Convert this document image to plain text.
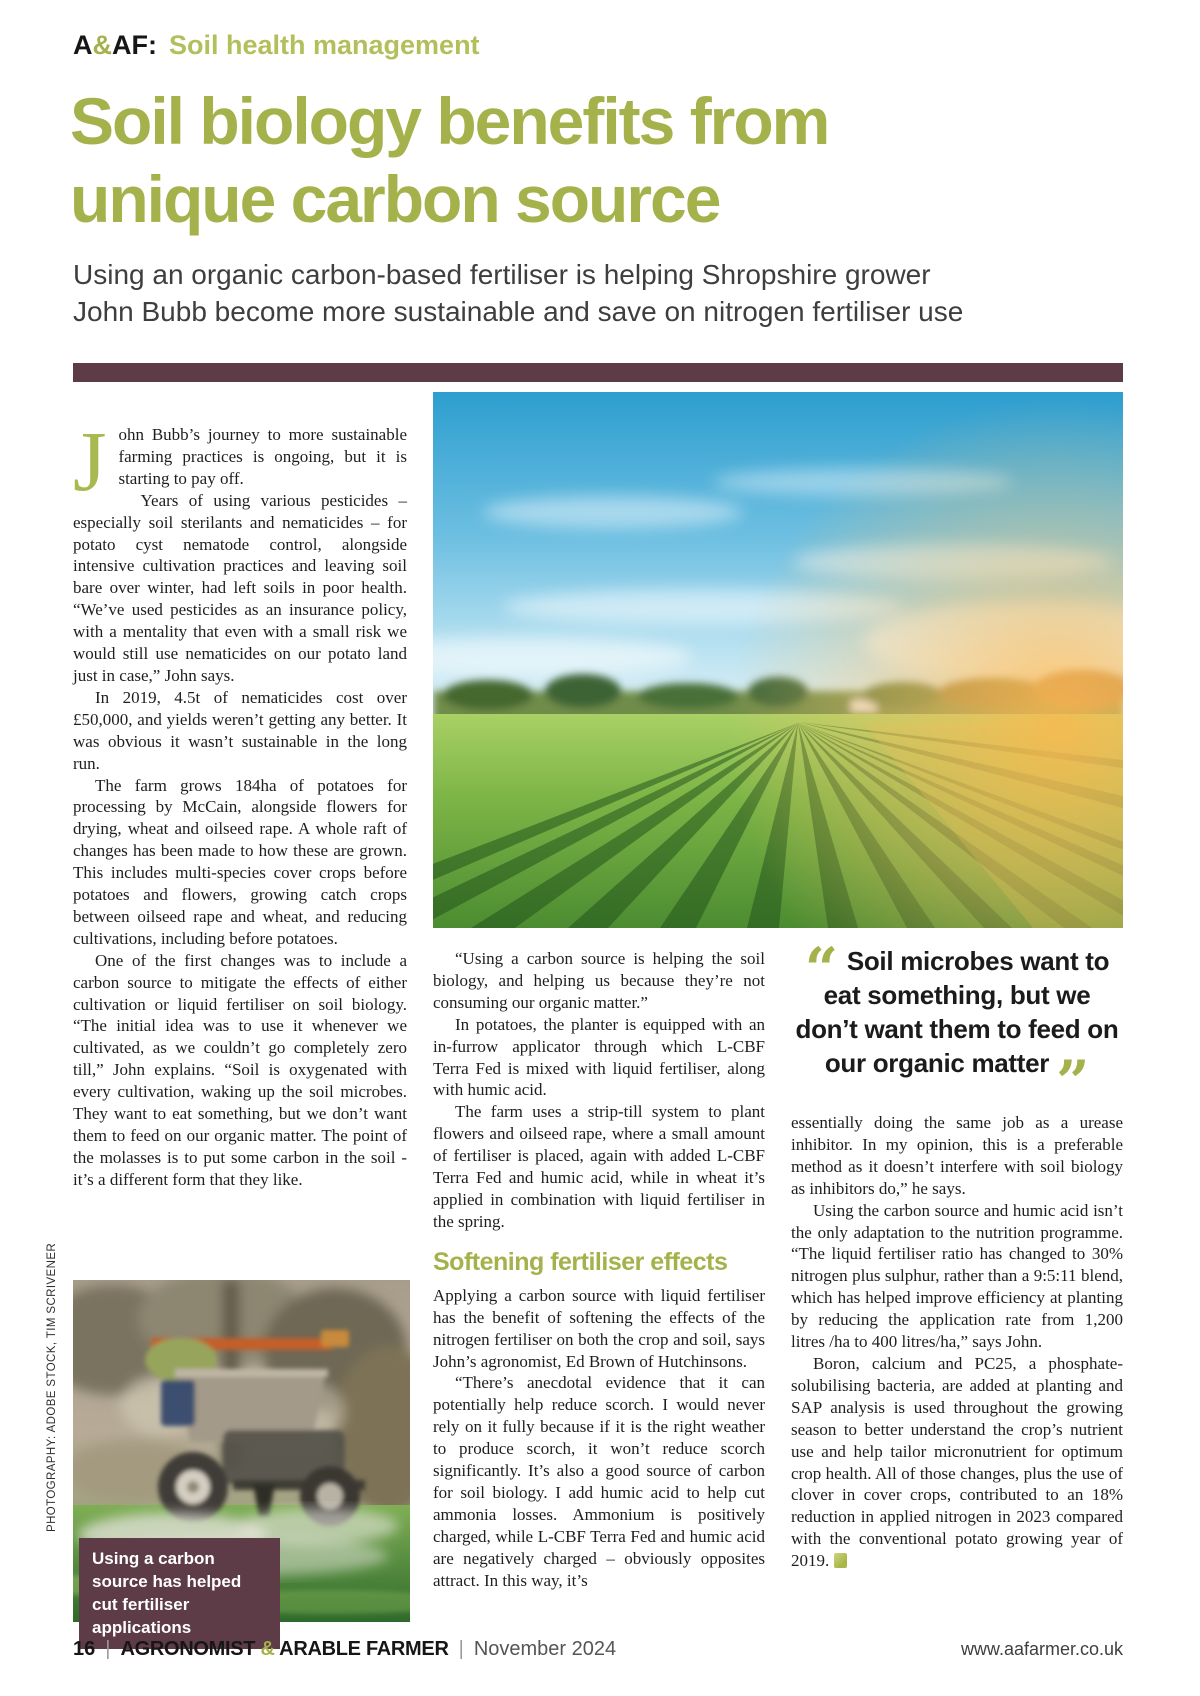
A&AF: Soil health management
Soil biology benefits from
unique carbon source
Using an organic carbon-based fertiliser is helping Shropshire grower
John Bubb become more sustainable and save on nitrogen fertiliser use

John Bubb’s journey to more sustainable farming practices is ongoing, but it is starting to pay off.

Years of using various pesticides – especially soil sterilants and nematicides – for potato cyst nematode control, alongside intensive cultivation practices and leaving soil bare over winter, had left soils in poor health. “We’ve used pesticides as an insurance policy, with a mentality that even with a small risk we would still use nematicides on our potato land just in case,” John says.

In 2019, 4.5t of nematicides cost over £50,000, and yields weren’t getting any better. It was obvious it wasn’t sustainable in the long run.

The farm grows 184ha of potatoes for processing by McCain, alongside flowers for drying, wheat and oilseed rape. A whole raft of changes has been made to how these are grown. This includes multi-species cover crops before potatoes and flowers, growing catch crops between oilseed rape and wheat, and reducing cultivations, including before potatoes.

One of the first changes was to include a carbon source to mitigate the effects of either cultivation or liquid fertiliser on soil biology. “The initial idea was to use it whenever we cultivated, as we couldn’t go completely zero till,” John explains. “Soil is oxygenated with every cultivation, waking up the soil microbes. They want to eat something, but we don’t want them to feed on our organic matter. The point of the molasses is to put some carbon in the soil - it’s a different form that they like.

“Using a carbon source is helping the soil biology, and helping us because they’re not consuming our organic matter.”

In potatoes, the planter is equipped with an in-furrow applicator through which L-CBF Terra Fed is mixed with liquid fertiliser, along with humic acid.

The farm uses a strip-till system to plant flowers and oilseed rape, where a small amount of fertiliser is placed, again with added L-CBF Terra Fed and humic acid, while in wheat it’s applied in combination with liquid fertiliser in the spring.

Softening fertiliser effects

Applying a carbon source with liquid fertiliser has the benefit of softening the effects of the nitrogen fertiliser on both the crop and soil, says John’s agronomist, Ed Brown of Hutchinsons.

“There’s anecdotal evidence that it can potentially help reduce scorch. I would never rely on it fully because if it is the right weather to produce scorch, it won’t reduce scorch significantly. It’s also a good source of carbon for soil biology. I add humic acid to help cut ammonia losses. Ammonium is positively charged, while L-CBF Terra Fed and humic acid are negatively charged – obviously opposites attract. In this way, it’s

“ Soil microbes want to eat something, but we don’t want them to feed on our organic matter ”

essentially doing the same job as a urease inhibitor. In my opinion, this is a preferable method as it doesn’t interfere with soil biology as inhibitors do,” he says.

Using the carbon source and humic acid isn’t the only adaptation to the nutrition programme. “The liquid fertiliser ratio has changed to 30% nitrogen plus sulphur, rather than a 9:5:11 blend, which has helped improve efficiency at planting by reducing the application rate from 1,200 litres /ha to 400 litres/ha,” says John.

Boron, calcium and PC25, a phosphate-solubilising bacteria, are added at planting and SAP analysis is used throughout the growing season to better understand the crop’s nutrient use and help tailor micronutrient for optimum crop health. All of those changes, plus the use of clover in cover crops, contributed to an 18% reduction in applied nitrogen in 2023 compared with the conventional potato growing year of 2019.

Using a carbon source has helped cut fertiliser applications
PHOTOGRAPHY: ADOBE STOCK, TIM SCRIVENER
16 | AGRONOMIST & ARABLE FARMER | November 2024	www.aafarmer.co.uk
